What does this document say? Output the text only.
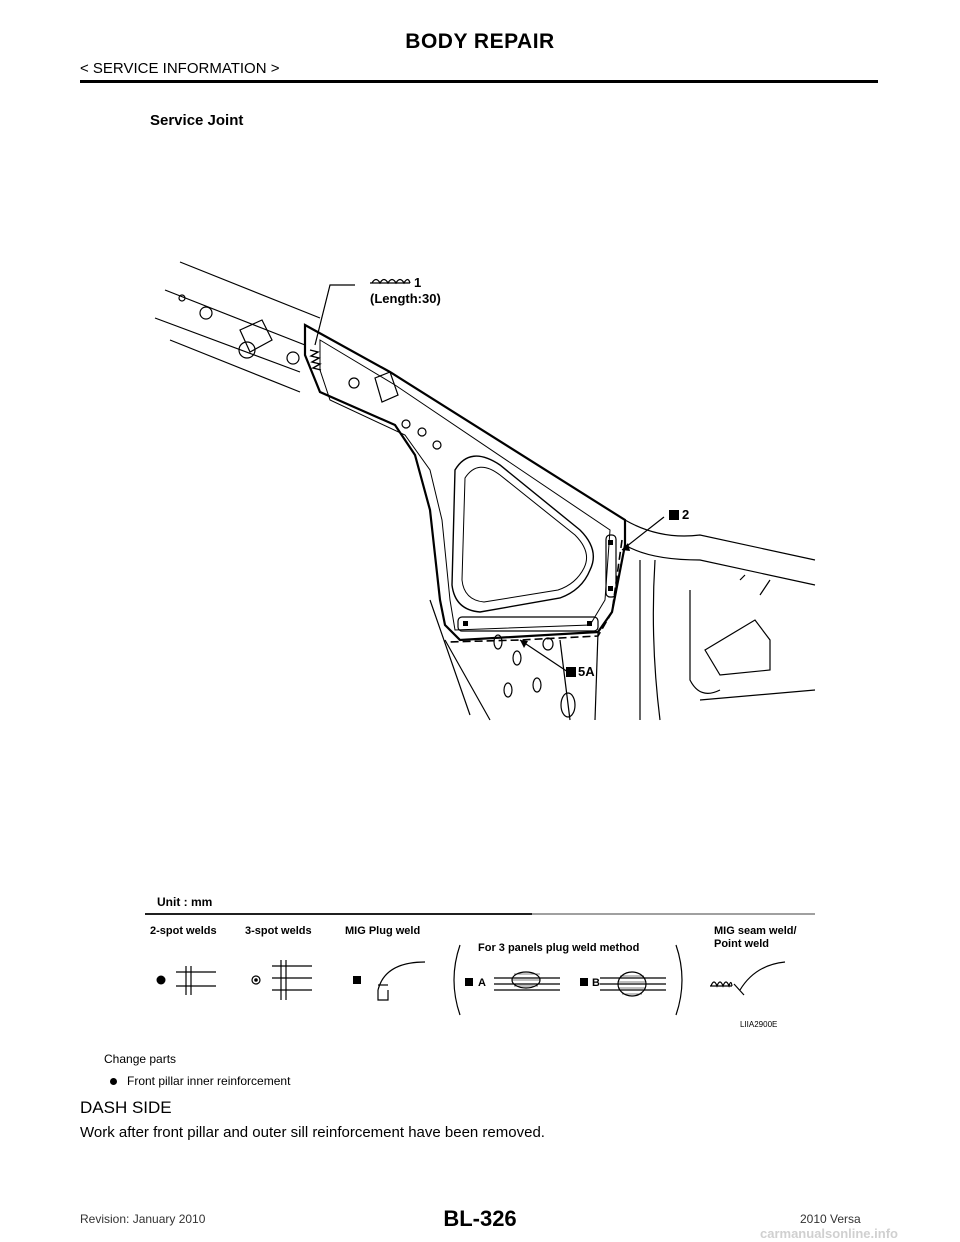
BODY REPAIR
< SERVICE INFORMATION >
Service Joint
1
(Length:30)
2
5A
Unit : mm
2-spot welds	3-spot welds	MIG Plug weld
For 3 panels plug weld method
A	B
MIG seam weld/
Point weld
LIIA2900E
Change parts
Front pillar inner reinforcement
DASH SIDE
Work after front pillar and outer sill reinforcement have been removed.
Revision: January 2010	BL-326	2010 Versa
carmanualsonline.info
